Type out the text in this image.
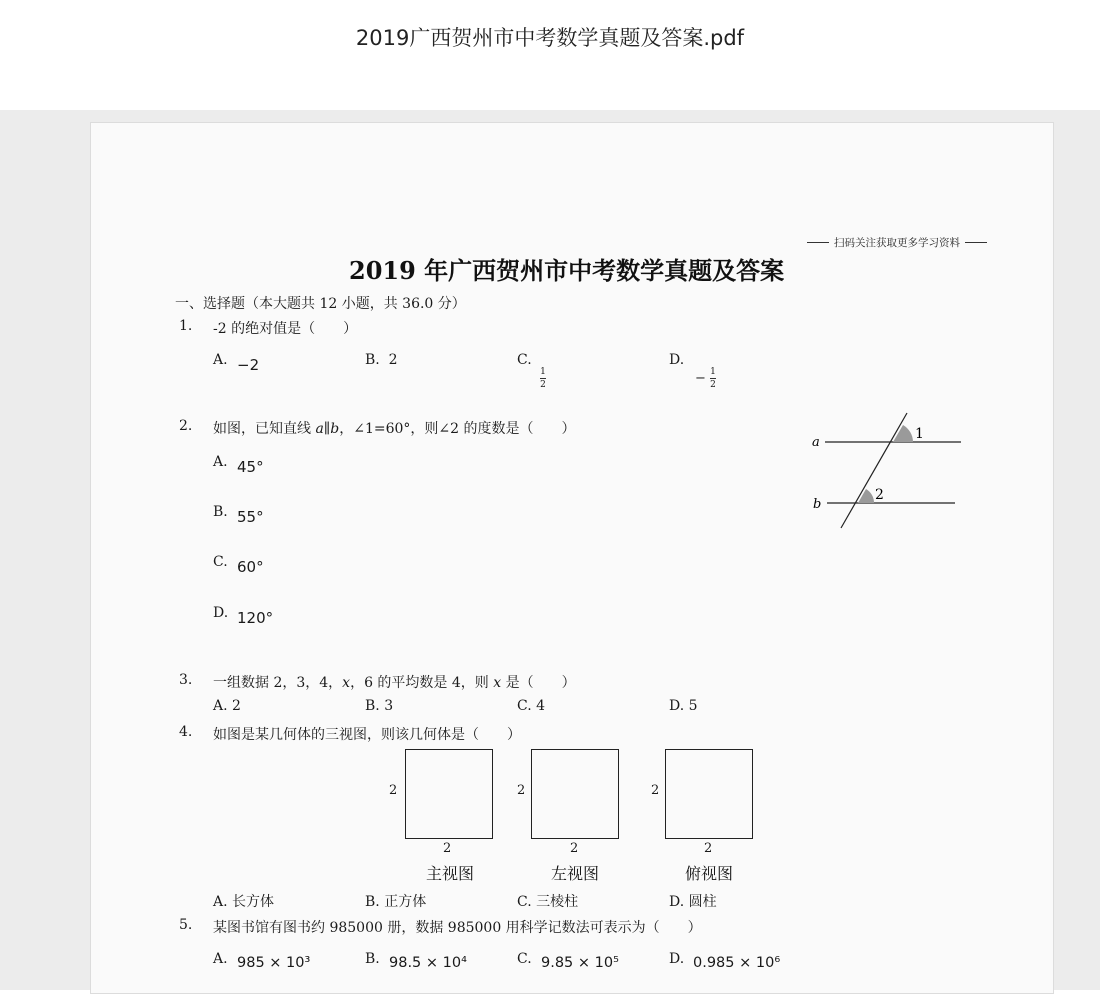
2019广西贺州市中考数学真题及答案.pdf
扫码关注获取更多学习资料
2019 年广西贺州市中考数学真题及答案
一、选择题（本大题共 12 小题，共 36.0 分）
1. -2 的绝对值是（　　）
A. −2	B. 2	C.
$\frac{1}{2}$
D.
− $\frac{1}{2}$
2. 如图，已知直线 a∥b，∠1=60°，则∠2 的度数是（　　）
A. 45°
B. 55°
C. 60°
D. 120°
a
b
1
2
3. 一组数据 2，3，4，x，6 的平均数是 4，则 x 是（　　）
A. 2	B. 3	C. 4	D. 5
4. 如图是某几何体的三视图，则该几何体是（　　）
2
2
主视图
2
2
左视图
2
2
俯视图
A. 长方体	B. 正方体	C. 三棱柱	D. 圆柱
5. 某图书馆有图书约 985000 册，数据 985000 用科学记数法可表示为（　　）
A. 985 × 10³	B. 98.5 × 10⁴	C. 9.85 × 10⁵	D. 0.985 × 10⁶
